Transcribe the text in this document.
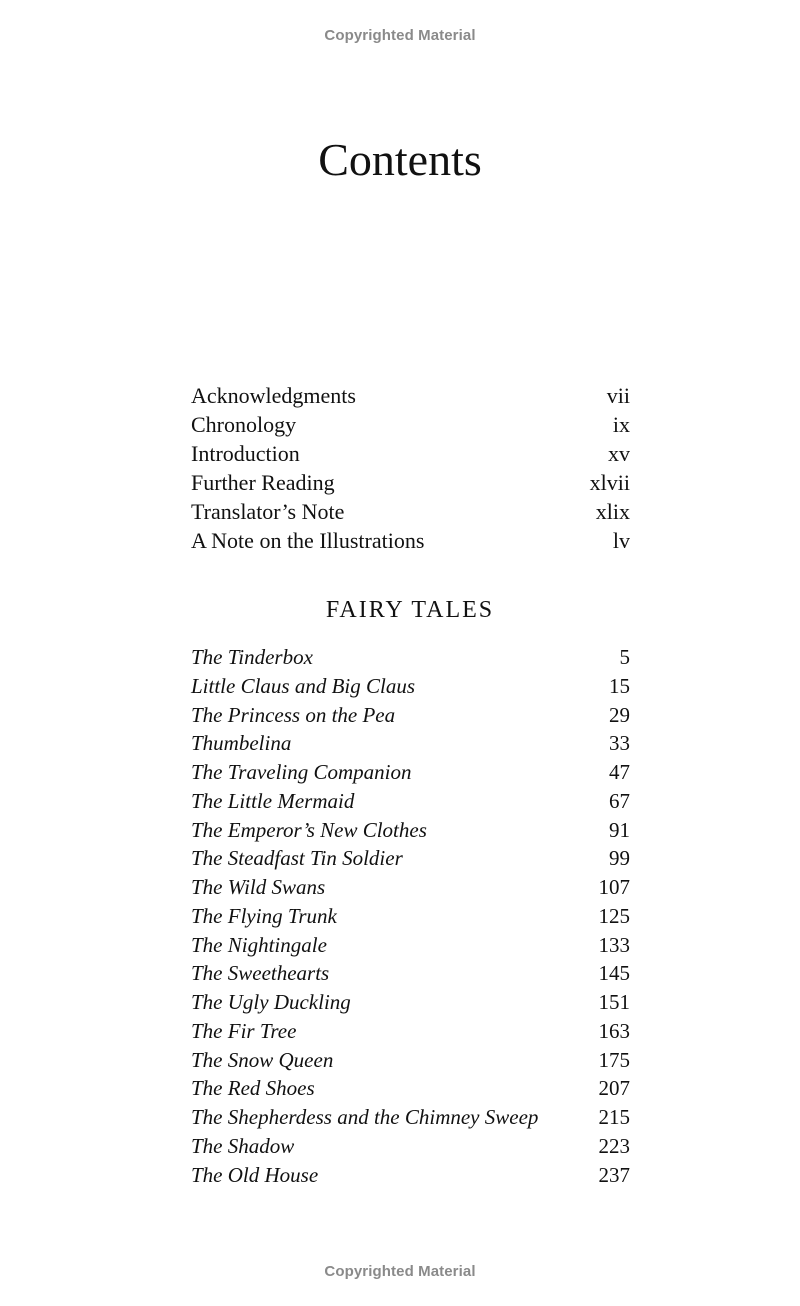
Copyrighted Material
Contents
Acknowledgments	vii
Chronology	ix
Introduction	xv
Further Reading	xlvii
Translator’s Note	xlix
A Note on the Illustrations	lv
FAIRY TALES
The Tinderbox	5
Little Claus and Big Claus	15
The Princess on the Pea	29
Thumbelina	33
The Traveling Companion	47
The Little Mermaid	67
The Emperor’s New Clothes	91
The Steadfast Tin Soldier	99
The Wild Swans	107
The Flying Trunk	125
The Nightingale	133
The Sweethearts	145
The Ugly Duckling	151
The Fir Tree	163
The Snow Queen	175
The Red Shoes	207
The Shepherdess and the Chimney Sweep	215
The Shadow	223
The Old House	237
Copyrighted Material
